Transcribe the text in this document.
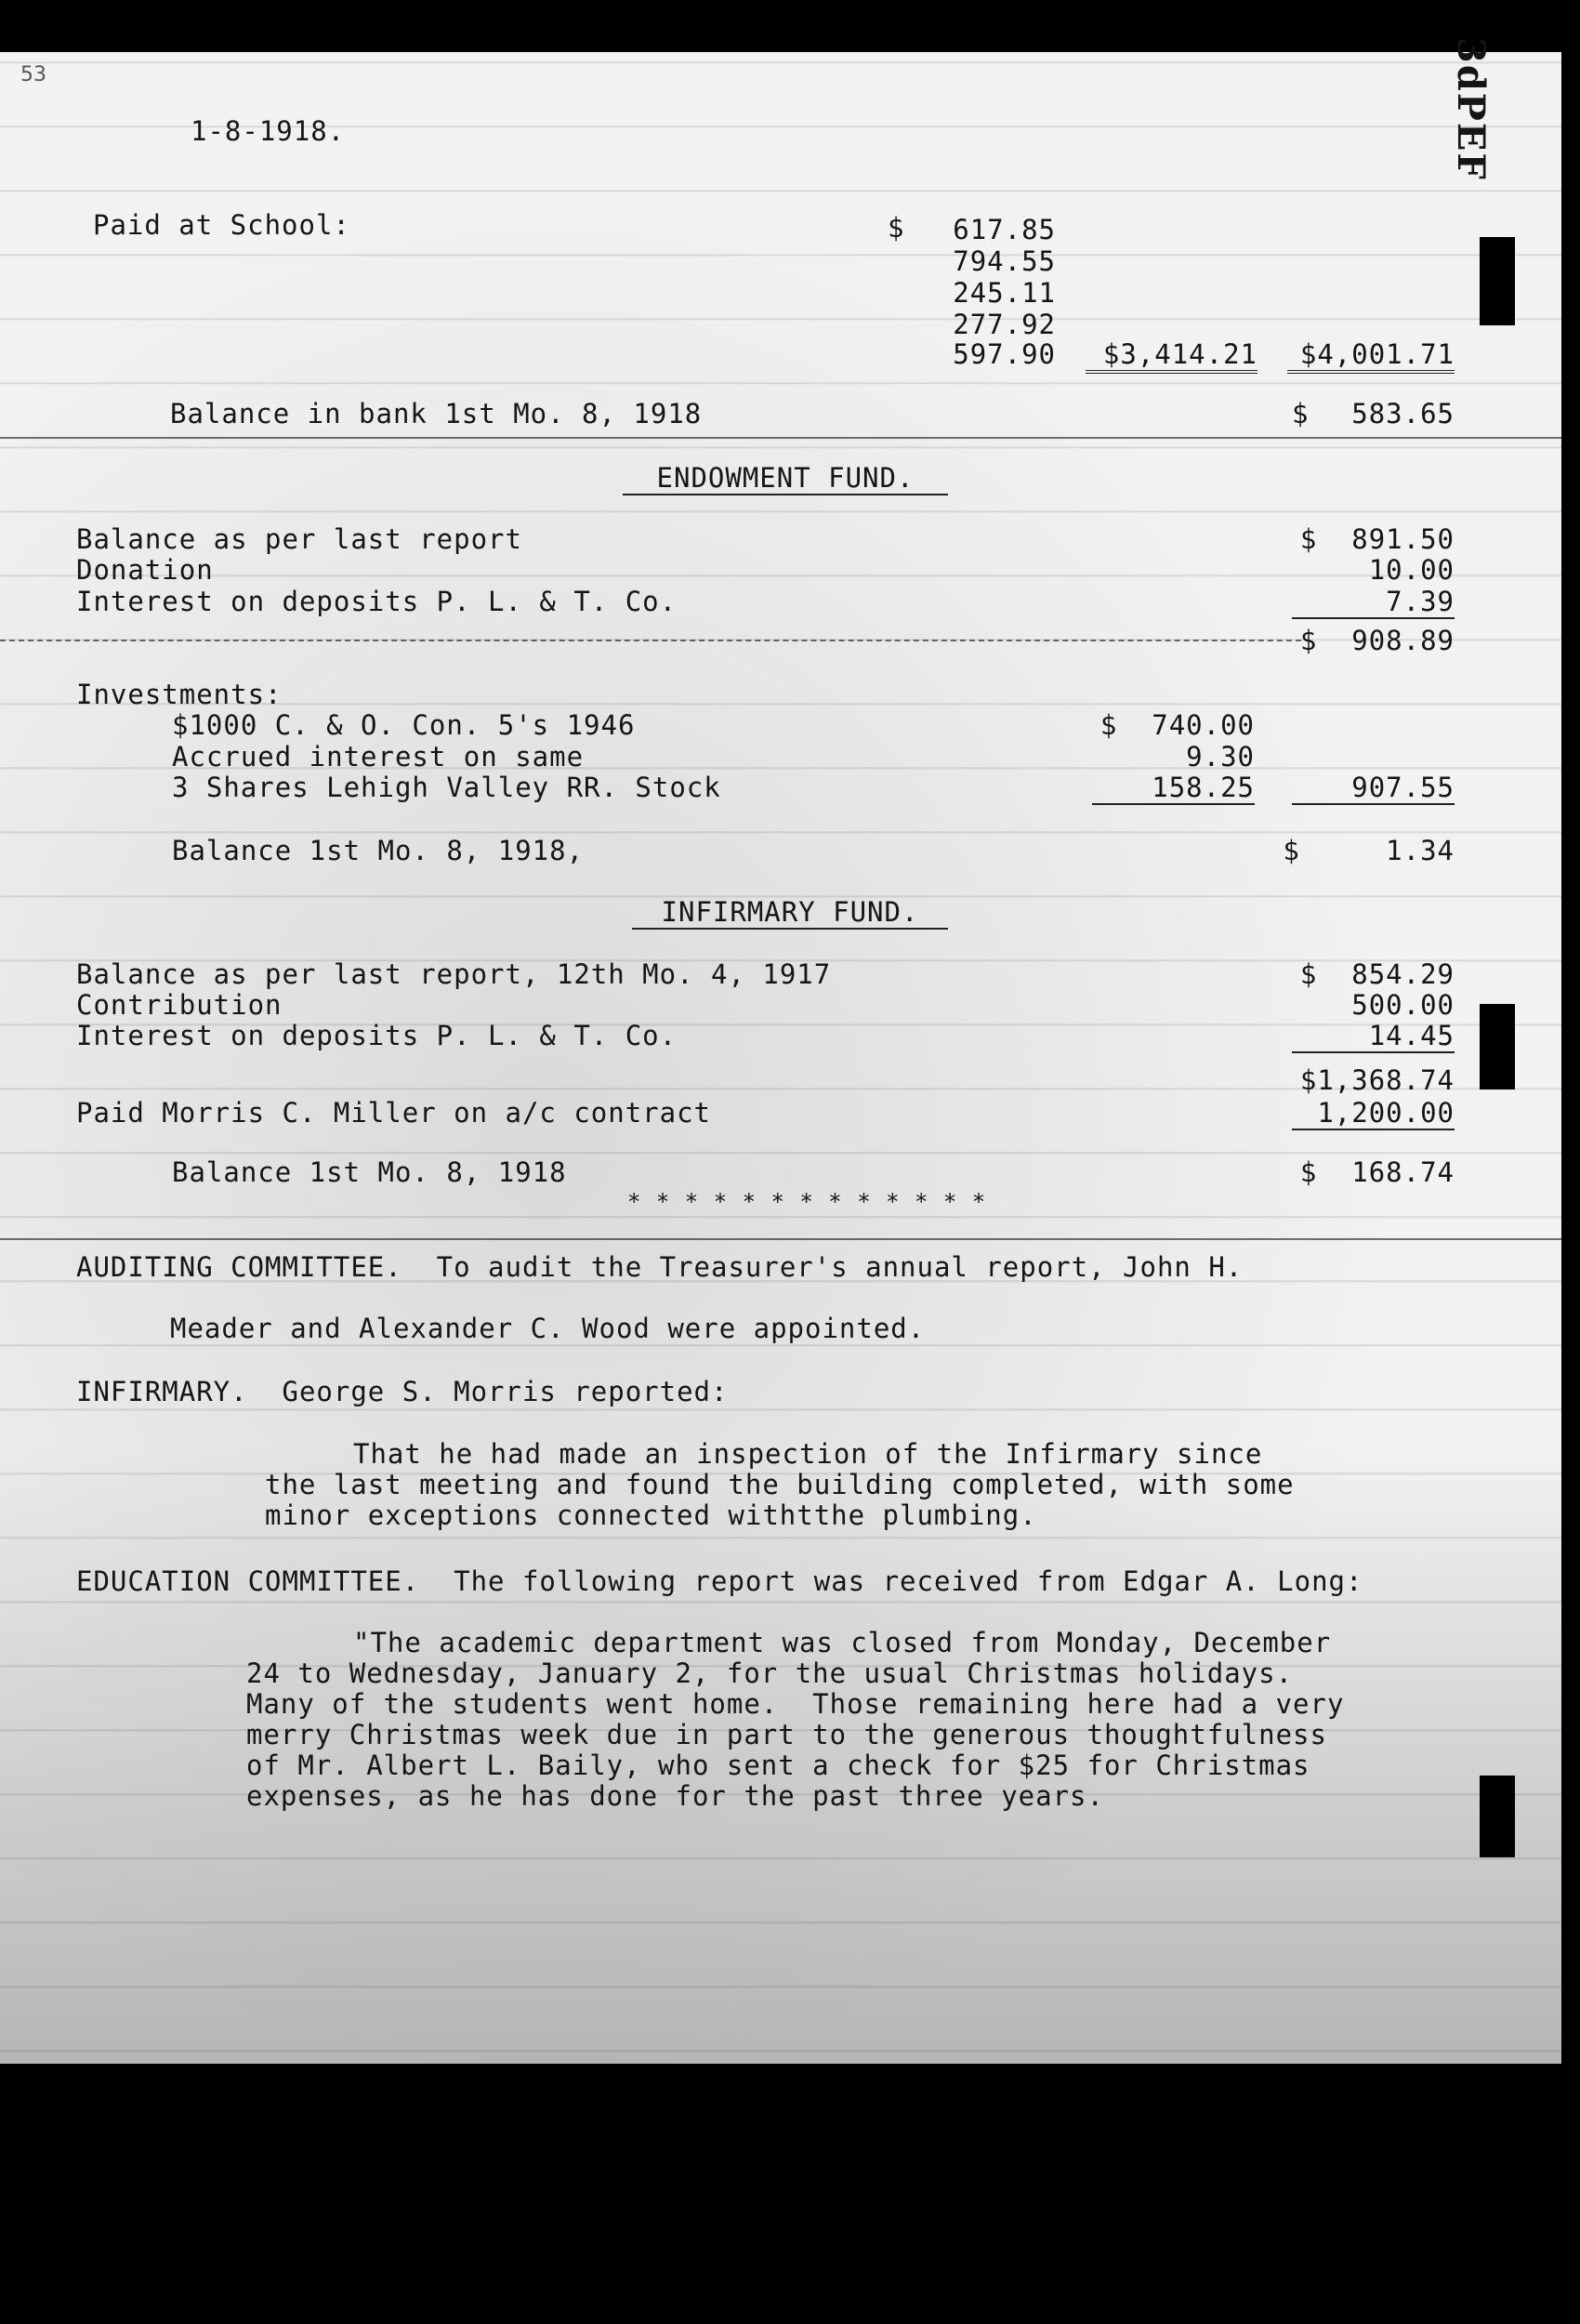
53	3dPEF
1-8-1918.
Paid at School:	$	617.85
794.55
245.11
277.92
597.90	$3,414.21	$4,001.71
Balance in bank 1st Mo. 8, 1918	$	583.65
ENDOWMENT FUND.
Balance as per last report	$  891.50
Donation	10.00
Interest on deposits P. L. & T. Co.	7.39
$  908.89
Investments:
$1000 C. & O. Con. 5's 1946	$  740.00
Accrued interest on same	9.30
3 Shares Lehigh Valley RR. Stock	158.25	907.55
Balance 1st Mo. 8, 1918,	$     1.34
INFIRMARY FUND.
Balance as per last report, 12th Mo. 4, 1917	$  854.29
Contribution	500.00
Interest on deposits P. L. & T. Co.	14.45
$1,368.74
Paid Morris C. Miller on a/c contract	1,200.00
Balance 1st Mo. 8, 1918	$  168.74
* * * * * * * * * * * * *
AUDITING COMMITTEE.  To audit the Treasurer's annual report, John H.
Meader and Alexander C. Wood were appointed.
INFIRMARY.  George S. Morris reported:
That he had made an inspection of the Infirmary since
the last meeting and found the building completed, with some
minor exceptions connected withtthe plumbing.
EDUCATION COMMITTEE.  The following report was received from Edgar A. Long:
"The academic department was closed from Monday, December
24 to Wednesday, January 2, for the usual Christmas holidays.
Many of the students went home.  Those remaining here had a very
merry Christmas week due in part to the generous thoughtfulness
of Mr. Albert L. Baily, who sent a check for $25 for Christmas
expenses, as he has done for the past three years.
